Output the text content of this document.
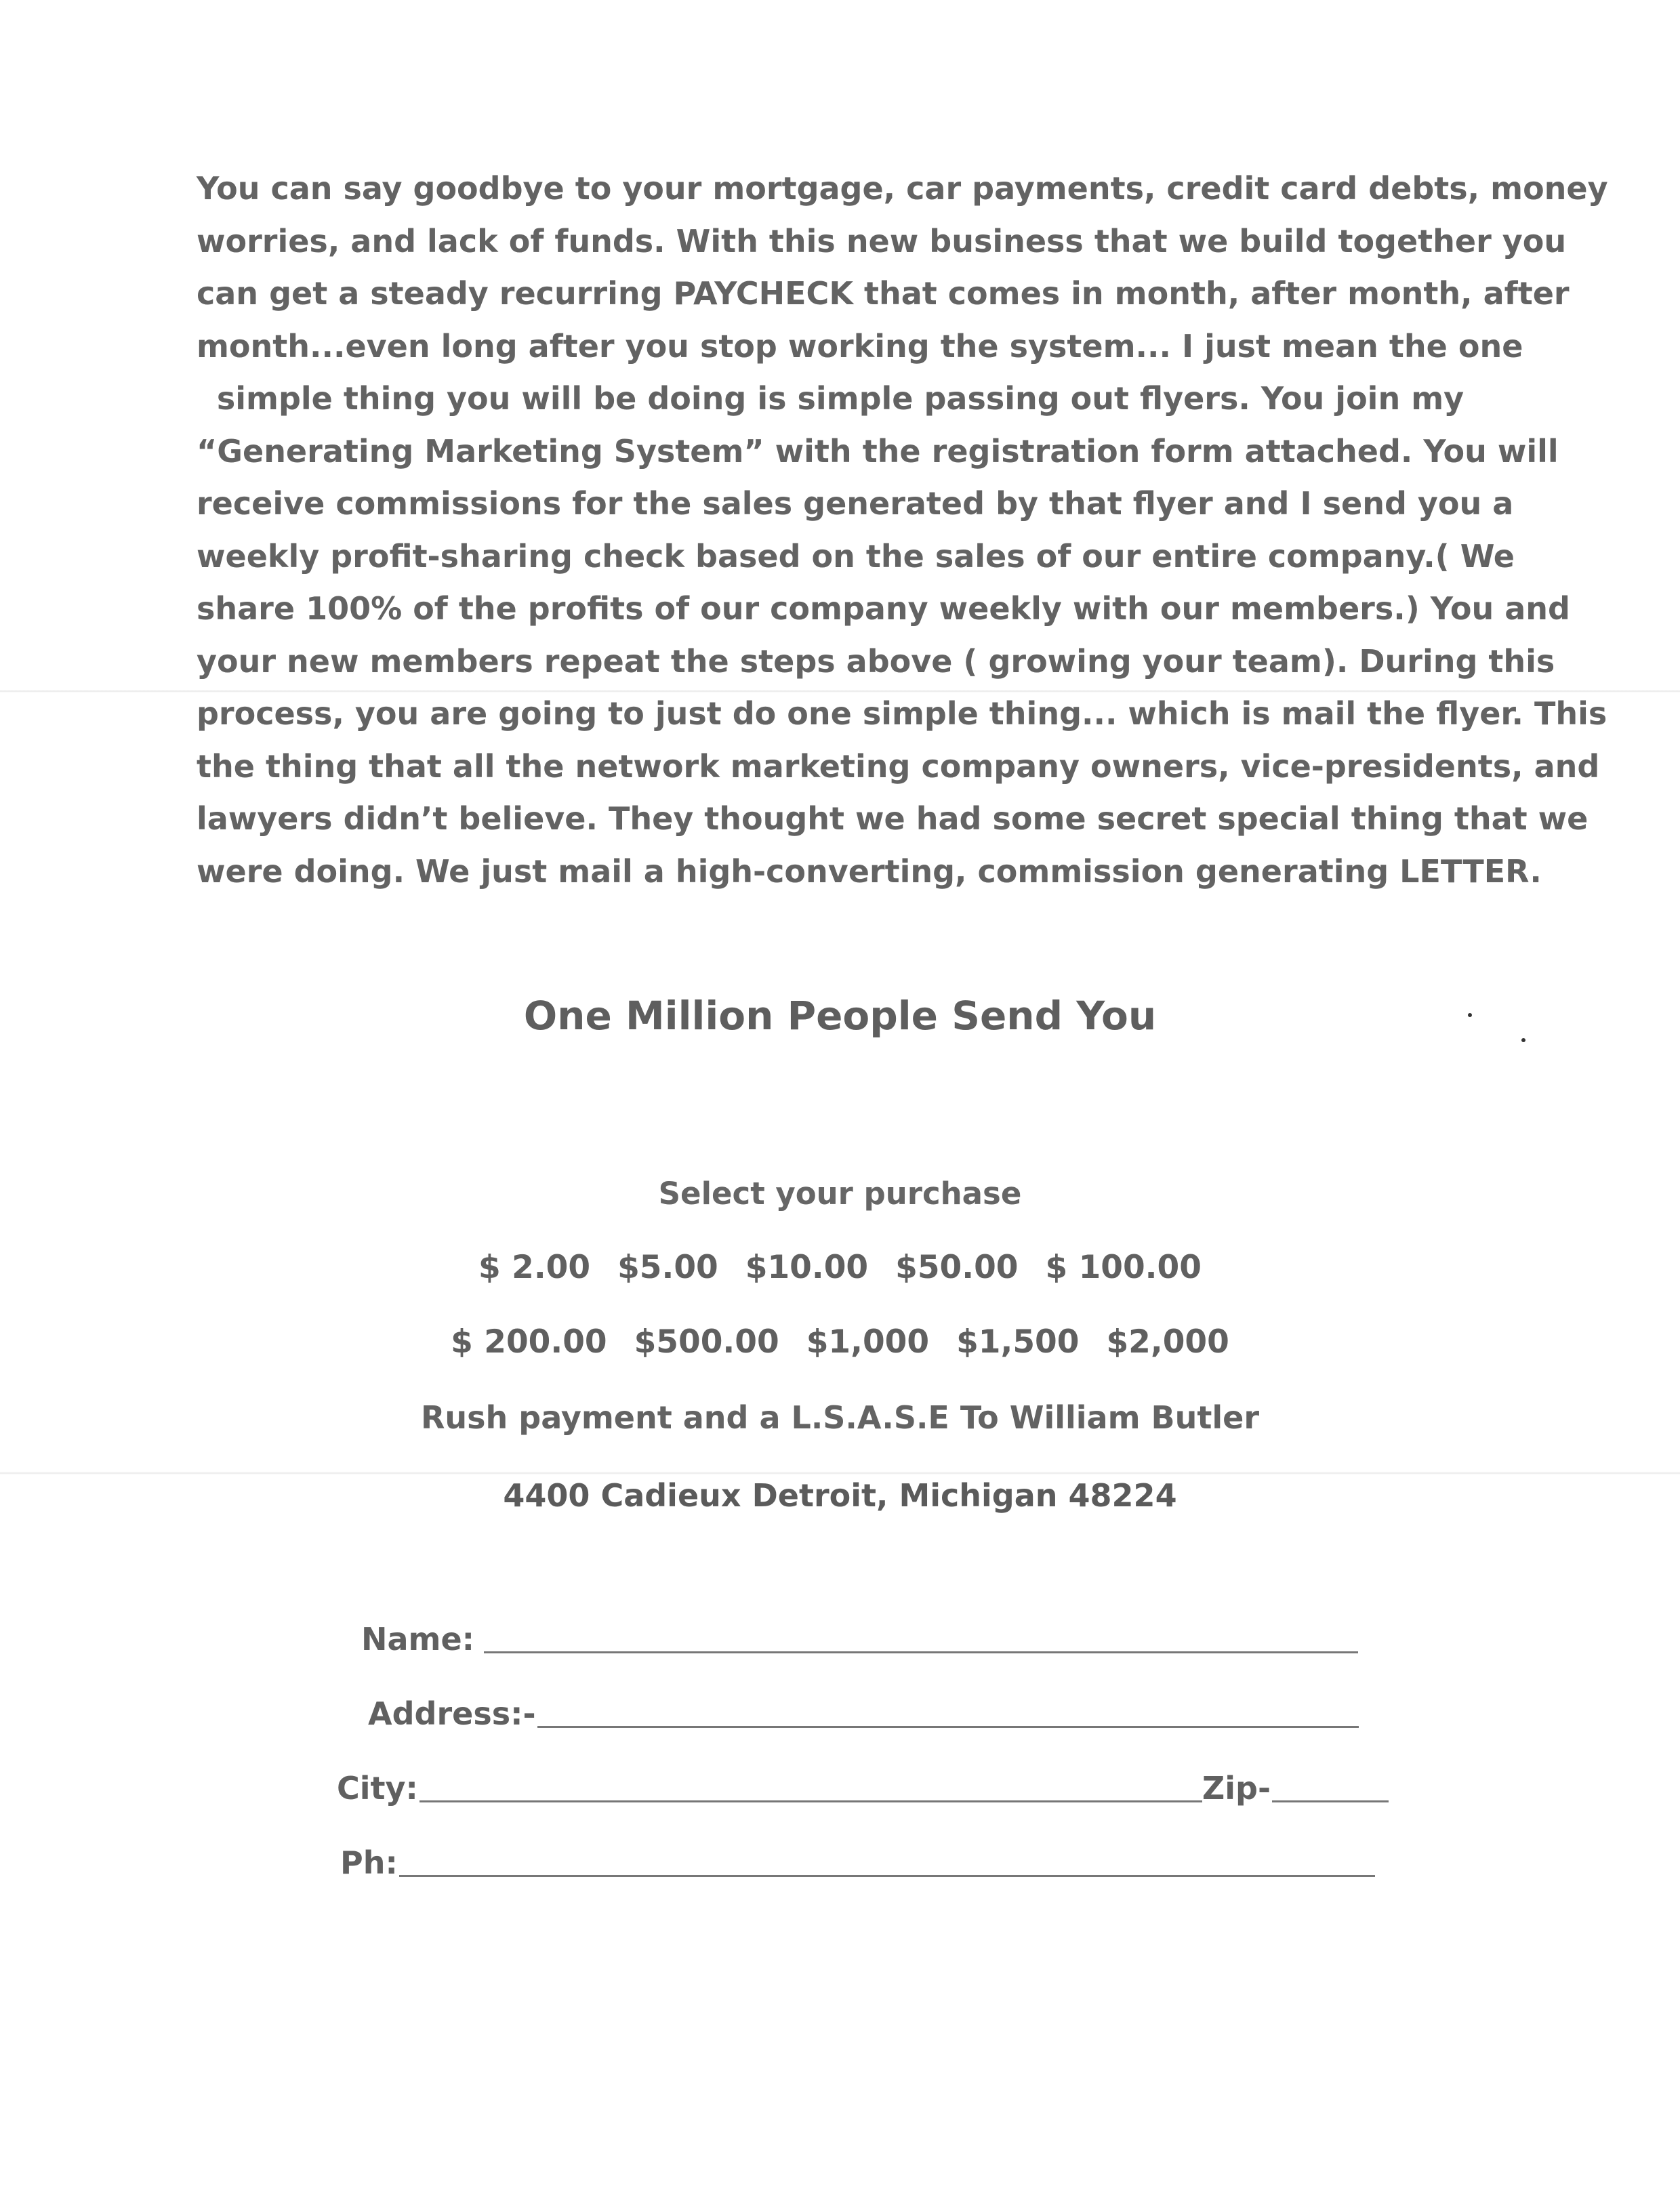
You can say goodbye to your mortgage, car payments, credit card debts, money
worries, and lack of funds. With this new business that we build together you
can get a steady recurring PAYCHECK that comes in month, after month, after
month...even long after you stop working the system... I just mean the one
simple thing you will be doing is simple passing out flyers. You join my
“Generating Marketing System” with the registration form attached. You will
receive commissions for the sales generated by that flyer and I send you a
weekly profit-sharing check based on the sales of our entire company.( We
share 100% of the profits of our company weekly with our members.) You and
your new members repeat the steps above ( growing your team). During this
process, you are going to just do one simple thing... which is mail the flyer. This
the thing that all the network marketing company owners, vice-presidents, and
lawyers didn’t believe. They thought we had some secret special thing that we
were doing. We just mail a high-converting, commission generating LETTER.
One Million People Send You

Select your purchase

$ 2.00 $5.00 $10.00 $50.00 $ 100.00
$ 200.00 $500.00 $1,000 $1,500 $2,000

Rush payment and a L.S.A.S.E To William Butler

4400 Cadieux Detroit, Michigan 48224

Name:
Address:-
City:	Zip-
Ph:
